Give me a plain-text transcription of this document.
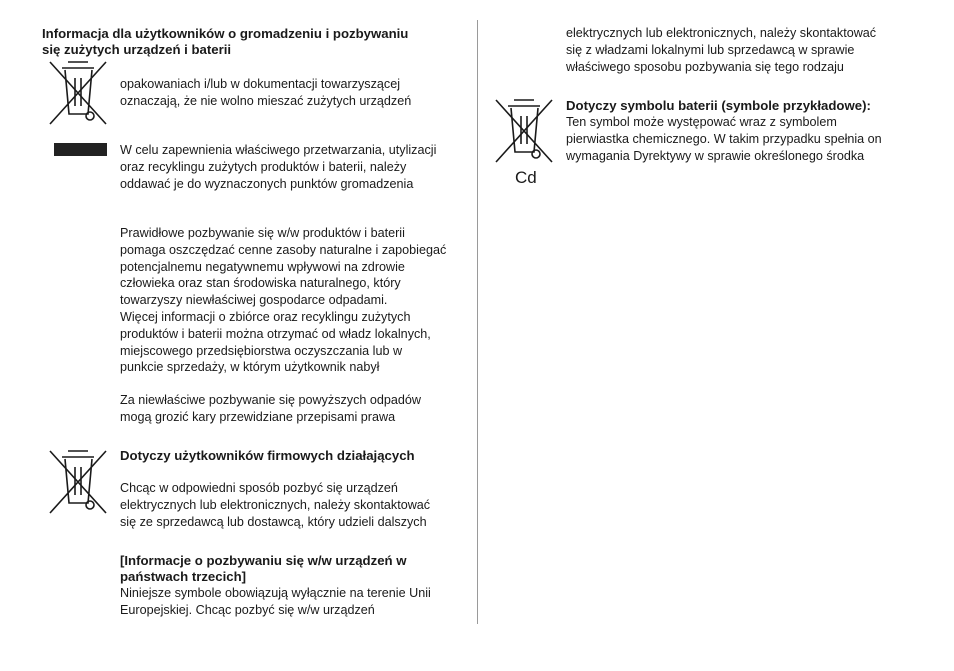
Informacja dla użytkowników o gromadzeniu i pozbywaniu
się zużytych urządzeń i baterii
opakowaniach i/lub w dokumentacji towarzyszącej
oznaczają, że nie wolno mieszać zużytych urządzeń
W celu zapewnienia właściwego przetwarzania, utylizacji
oraz recyklingu zużytych produktów i baterii, należy
oddawać je do wyznaczonych punktów gromadzenia
Prawidłowe pozbywanie się w/w produktów i baterii
pomaga oszczędzać cenne zasoby naturalne i zapobiegać
potencjalnemu negatywnemu wpływowi na zdrowie
człowieka oraz stan środowiska naturalnego, który
towarzyszy niewłaściwej gospodarce odpadami.
Więcej informacji o zbiórce oraz recyklingu zużytych
produktów i baterii można otrzymać od władz lokalnych,
miejscowego przedsiębiorstwa oczyszczania lub w
punkcie sprzedaży, w którym użytkownik nabył
Za niewłaściwe pozbywanie się powyższych odpadów
mogą grozić kary przewidziane przepisami prawa
Dotyczy użytkowników firmowych działających
Chcąc w odpowiedni sposób pozbyć się urządzeń
elektrycznych lub elektronicznych, należy skontaktować
się ze sprzedawcą lub dostawcą, który udzieli dalszych
[Informacje o pozbywaniu się w/w urządzeń w
państwach trzecich]
Niniejsze symbole obowiązują wyłącznie na terenie Unii
Europejskiej. Chcąc pozbyć się w/w urządzeń
elektrycznych lub elektronicznych, należy skontaktować
się z władzami lokalnymi lub sprzedawcą w sprawie
właściwego sposobu pozbywania się tego rodzaju
Cd
Dotyczy symbolu baterii (symbole przykładowe):
Ten symbol może występować wraz z symbolem
pierwiastka chemicznego. W takim przypadku spełnia on
wymagania Dyrektywy w sprawie określonego środka
